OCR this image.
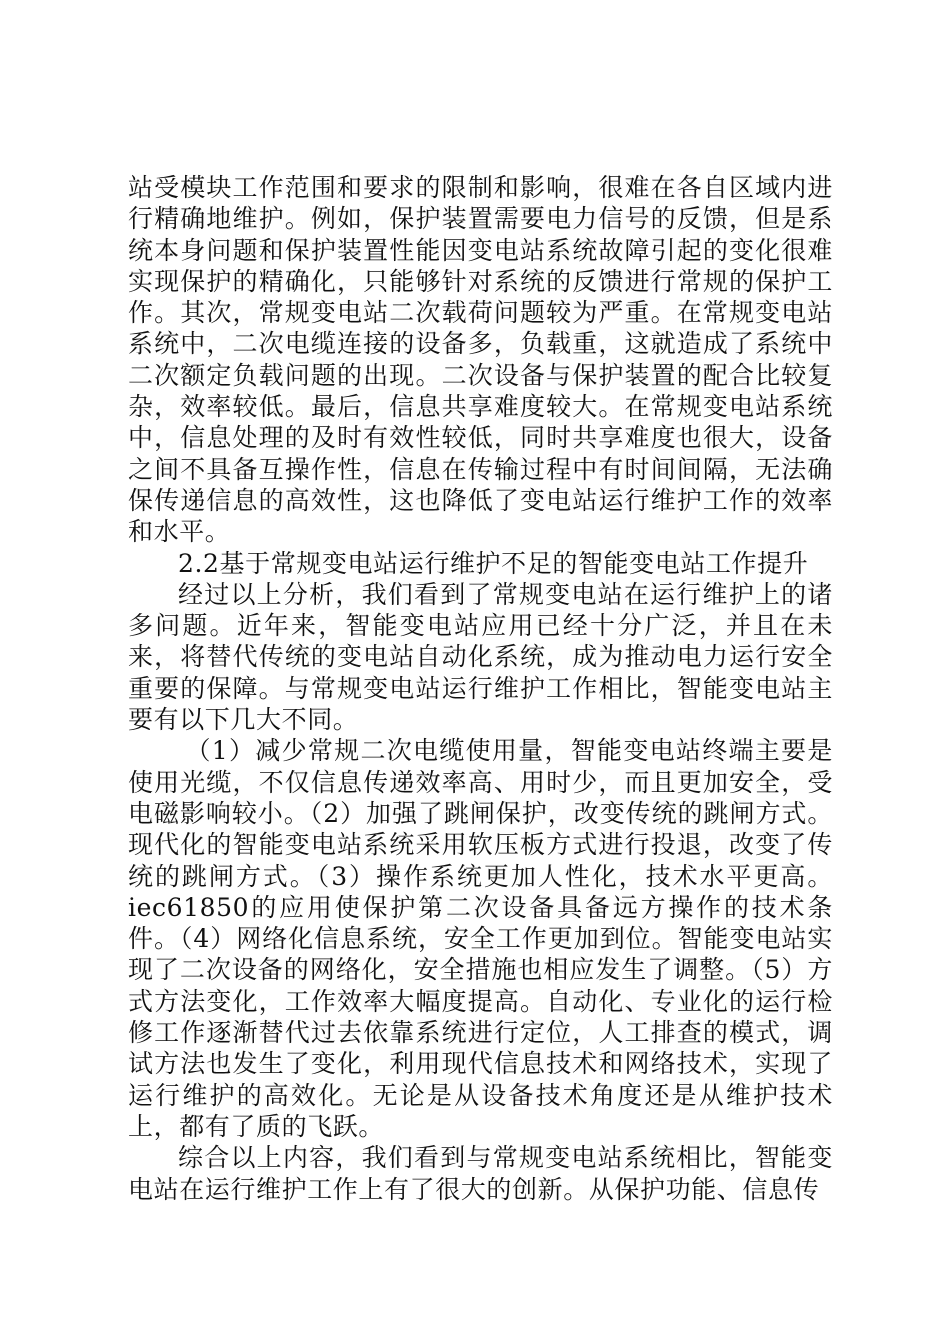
站受模块工作范围和要求的限制和影响，很难在各自区域内进行精确地维护。例如，保护装置需要电力信号的反馈，但是系统本身问题和保护装置性能因变电站系统故障引起的变化很难实现保护的精确化，只能够针对系统的反馈进行常规的保护工作。其次，常规变电站二次载荷问题较为严重。在常规变电站系统中，二次电缆连接的设备多，负载重，这就造成了系统中二次额定负载问题的出现。二次设备与保护装置的配合比较复杂，效率较低。最后，信息共享难度较大。在常规变电站系统中，信息处理的及时有效性较低，同时共享难度也很大，设备之间不具备互操作性，信息在传输过程中有时间间隔，无法确保传递信息的高效性，这也降低了变电站运行维护工作的效率和水平。

2.2基于常规变电站运行维护不足的智能变电站工作提升

经过以上分析，我们看到了常规变电站在运行维护上的诸多问题。近年来，智能变电站应用已经十分广泛，并且在未来，将替代传统的变电站自动化系统，成为推动电力运行安全重要的保障。与常规变电站运行维护工作相比，智能变电站主要有以下几大不同。

（1）减少常规二次电缆使用量，智能变电站终端主要是使用光缆，不仅信息传递效率高、用时少，而且更加安全，受电磁影响较小。（2）加强了跳闸保护，改变传统的跳闸方式。现代化的智能变电站系统采用软压板方式进行投退，改变了传统的跳闸方式。（3）操作系统更加人性化，技术水平更高。iec61850的应用使保护第二次设备具备远方操作的技术条件。（4）网络化信息系统，安全工作更加到位。智能变电站实现了二次设备的网络化，安全措施也相应发生了调整。（5）方式方法变化，工作效率大幅度提高。自动化、专业化的运行检修工作逐渐替代过去依靠系统进行定位，人工排查的模式，调试方法也发生了变化，利用现代信息技术和网络技术，实现了运行维护的高效化。无论是从设备技术角度还是从维护技术上，都有了质的飞跃。

综合以上内容，我们看到与常规变电站系统相比，智能变电站在运行维护工作上有了很大的创新。从保护功能、信息传
